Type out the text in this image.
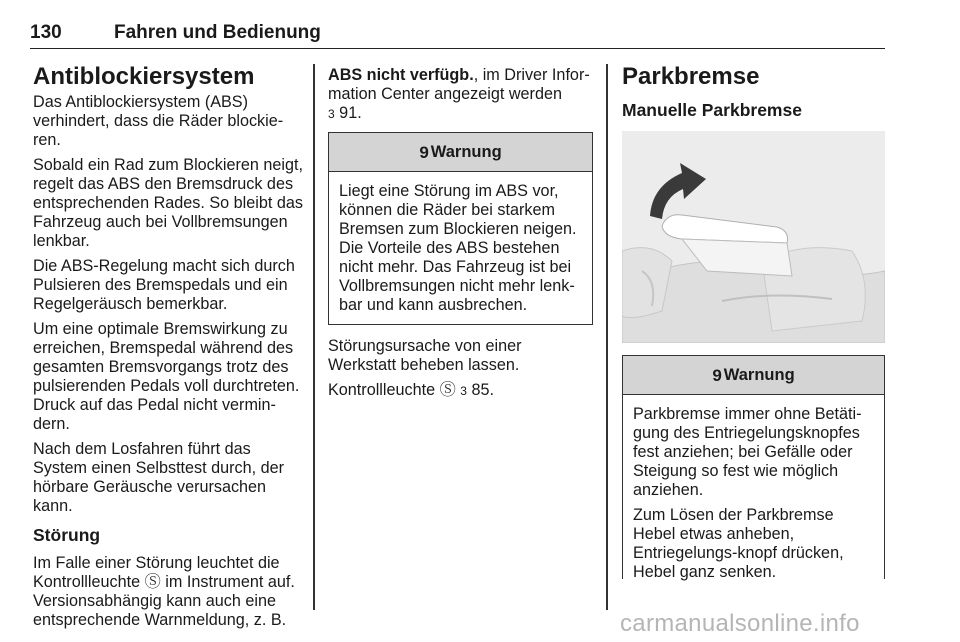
130	Fahren und Bedienung
Antiblockiersystem

Das Antiblockiersystem (ABS) verhindert, dass die Räder blockie-ren.

Sobald ein Rad zum Blockieren neigt, regelt das ABS den Bremsdruck des entsprechenden Rades. So bleibt das Fahrzeug auch bei Vollbremsungen lenkbar.

Die ABS-Regelung macht sich durch Pulsieren des Bremspedals und ein Regelgeräusch bemerkbar.

Um eine optimale Bremswirkung zu erreichen, Bremspedal während des gesamten Bremsvorgangs trotz des pulsierenden Pedals voll durchtreten. Druck auf das Pedal nicht vermin-dern.

Nach dem Losfahren führt das System einen Selbsttest durch, der hörbare Geräusche verursachen kann.

Störung

Im Falle einer Störung leuchtet die Kontrollleuchte Ⓢ im Instrument auf. Versionsabhängig kann auch eine entsprechende Warnmeldung, z. B.

ABS nicht verfügb., im Driver Infor-mation Center angezeigt werden
3 91.

9 Warnung

Liegt eine Störung im ABS vor, können die Räder bei starkem Bremsen zum Blockieren neigen. Die Vorteile des ABS bestehen nicht mehr. Das Fahrzeug ist bei Vollbremsungen nicht mehr lenk-bar und kann ausbrechen.

Störungsursache von einer Werkstatt beheben lassen.

Kontrollleuchte Ⓢ 3 85.

Parkbremse
Manuelle Parkbremse
9 Warnung

Parkbremse immer ohne Betäti-gung des Entriegelungsknopfes fest anziehen; bei Gefälle oder Steigung so fest wie möglich anziehen.

Zum Lösen der Parkbremse Hebel etwas anheben, Entriegelungs-knopf drücken, Hebel ganz senken.

carmanualsonline.info
